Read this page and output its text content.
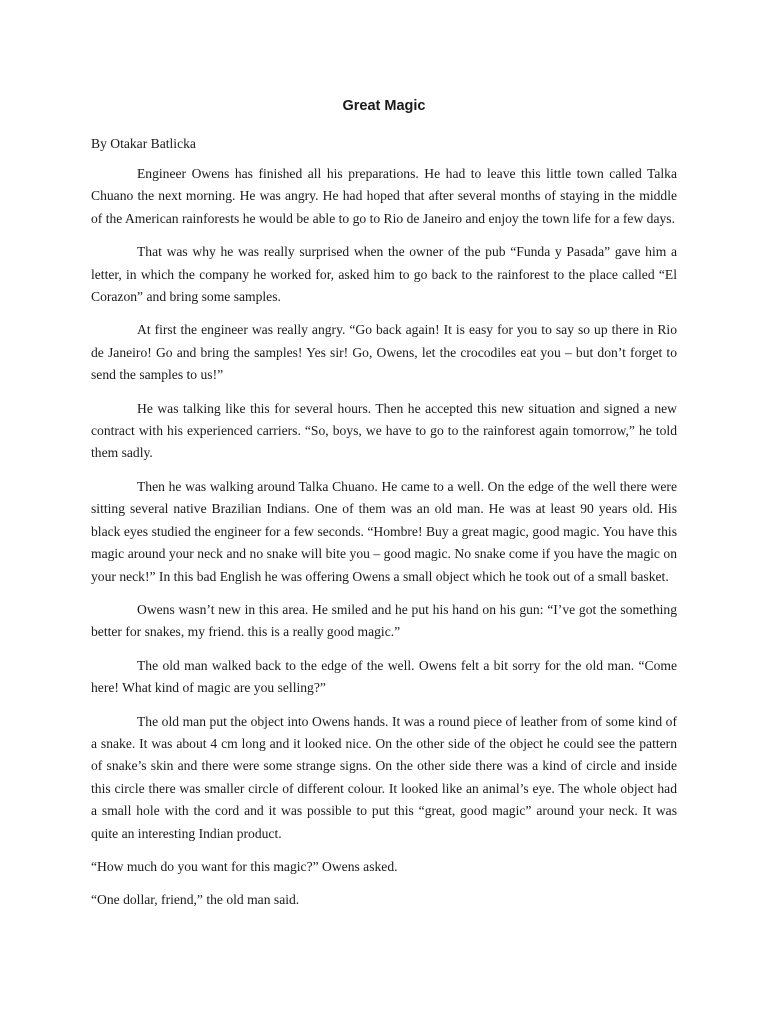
Great Magic

By Otakar Batlicka

Engineer Owens has finished all his preparations. He had to leave this little town called Talka Chuano the next morning. He was angry. He had hoped that after several months of staying in the middle of the American rainforests he would be able to go to Rio de Janeiro and enjoy the town life for a few days.

That was why he was really surprised when the owner of the pub “Funda y Pasada” gave him a letter, in which the company he worked for, asked him to go back to the rainforest to the place called “El Corazon” and bring some samples.

At first the engineer was really angry. “Go back again! It is easy for you to say so up there in Rio de Janeiro! Go and bring the samples! Yes sir! Go, Owens, let the crocodiles eat you – but don’t forget to send the samples to us!”

He was talking like this for several hours. Then he accepted this new situation and signed a new contract with his experienced carriers. “So, boys, we have to go to the rainforest again tomorrow,” he told them sadly.

Then he was walking around Talka Chuano. He came to a well. On the edge of the well there were sitting several native Brazilian Indians. One of them was an old man. He was at least 90 years old. His black eyes studied the engineer for a few seconds. “Hombre! Buy a great magic, good magic. You have this magic around your neck and no snake will bite you – good magic. No snake come if you have the magic on your neck!” In this bad English he was offering Owens a small object which he took out of a small basket.

Owens wasn’t new in this area. He smiled and he put his hand on his gun: “I’ve got the something better for snakes, my friend. this is a really good magic.”

The old man walked back to the edge of the well. Owens felt a bit sorry for the old man. “Come here! What kind of magic are you selling?”

The old man put the object into Owens hands. It was a round piece of leather from of some kind of a snake. It was about 4 cm long and it looked nice. On the other side of the object he could see the pattern of snake’s skin and there were some strange signs. On the other side there was a kind of circle and inside this circle there was smaller circle of different colour. It looked like an animal’s eye. The whole object had a small hole with the cord and it was possible to put this “great, good magic” around your neck. It was quite an interesting Indian product.

“How much do you want for this magic?” Owens asked.

“One dollar, friend,” the old man said.
